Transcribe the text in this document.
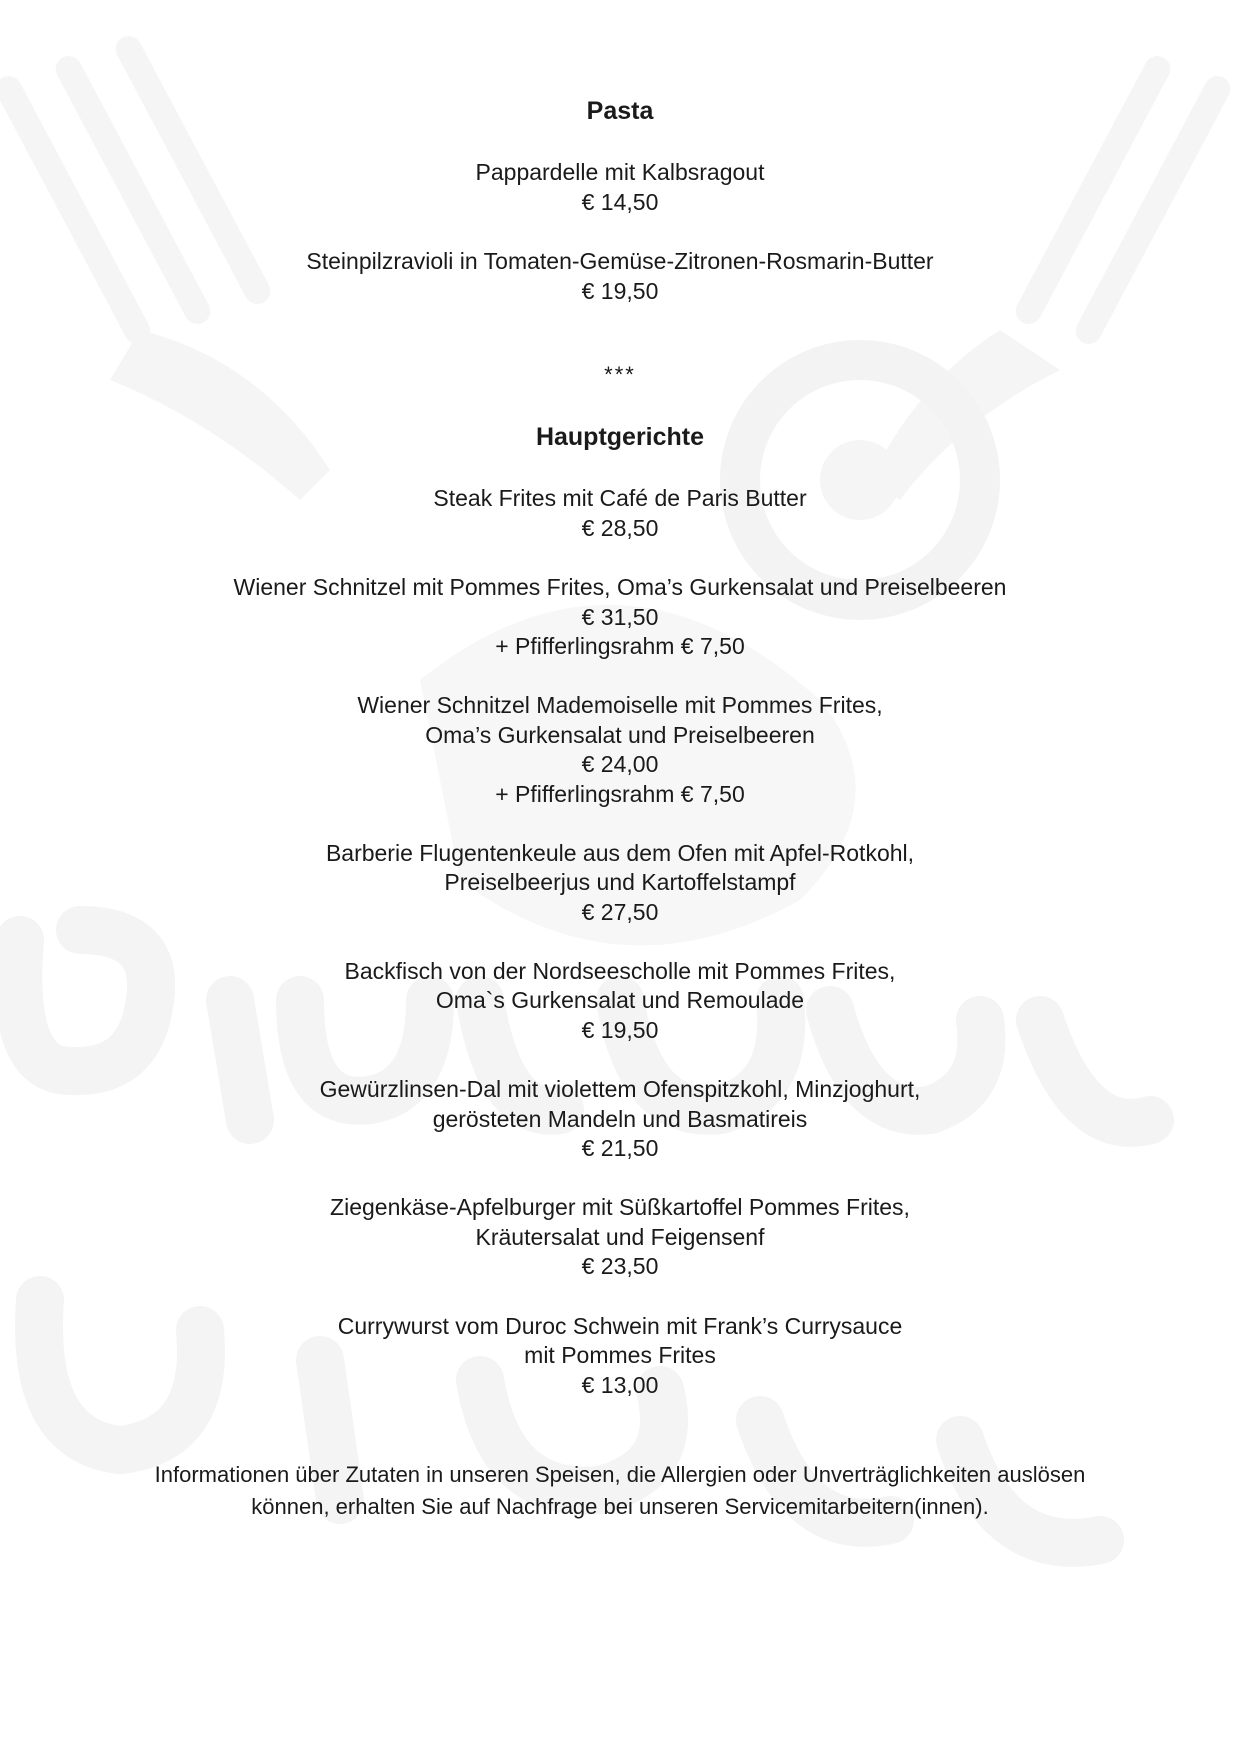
Pasta
Pappardelle mit Kalbsragout
€ 14,50
Steinpilzravioli in Tomaten-Gemüse-Zitronen-Rosmarin-Butter
€ 19,50
***
Hauptgerichte
Steak Frites mit Café de Paris Butter
€ 28,50
Wiener Schnitzel mit Pommes Frites, Oma’s Gurkensalat und Preiselbeeren
€ 31,50
+ Pfifferlingsrahm € 7,50
Wiener Schnitzel Mademoiselle mit Pommes Frites,
Oma’s Gurkensalat und Preiselbeeren
€ 24,00
+ Pfifferlingsrahm € 7,50
Barberie Flugentenkeule aus dem Ofen mit Apfel-Rotkohl,
Preiselbeerjus und Kartoffelstampf
€ 27,50
Backfisch von der Nordseescholle mit Pommes Frites,
Oma`s Gurkensalat und Remoulade
€ 19,50
Gewürzlinsen-Dal mit violettem Ofenspitzkohl, Minzjoghurt,
gerösteten Mandeln und Basmatireis
€ 21,50
Ziegenkäse-Apfelburger mit Süßkartoffel Pommes Frites,
Kräutersalat und Feigensenf
€ 23,50
Currywurst vom Duroc Schwein mit Frank’s Currysauce
mit Pommes Frites
€ 13,00
Informationen über Zutaten in unseren Speisen, die Allergien oder Unverträglichkeiten auslösen
können, erhalten Sie auf Nachfrage bei unseren Servicemitarbeitern(innen).
